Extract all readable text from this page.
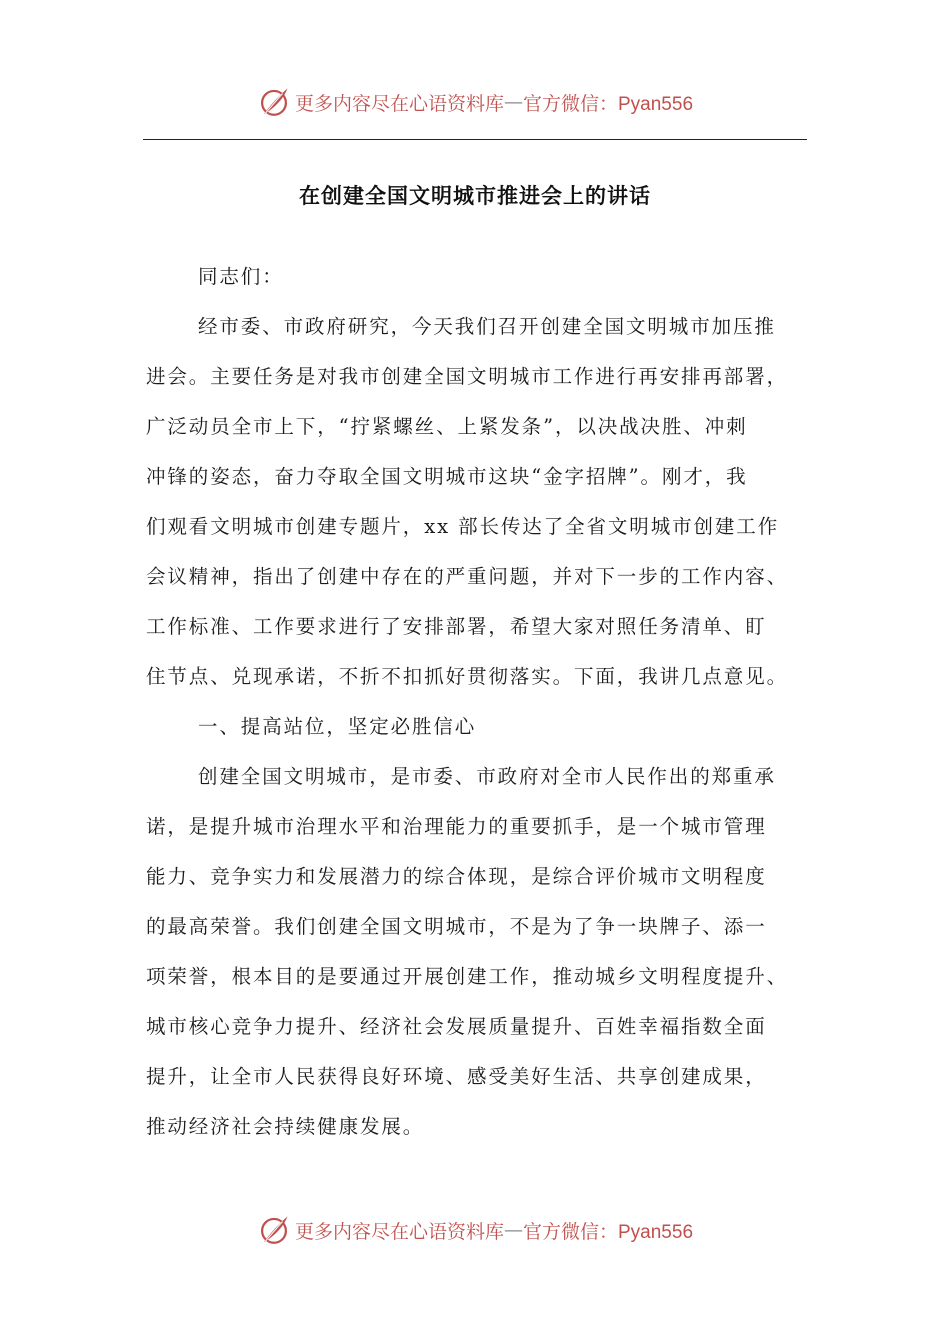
更多内容尽在心语资料库 — 官方微信：Pyan556
在创建全国文明城市推进会上的讲话
同志们：
经市委、市政府研究，今天我们召开创建全国文明城市加压推
进会。主要任务是对我市创建全国文明城市工作进行再安排再部署，
广泛动员全市上下，“拧紧螺丝、上紧发条”，以决战决胜、冲刺
冲锋的姿态，奋力夺取全国文明城市这块“金字招牌”。刚才，我
们观看文明城市创建专题片，xx 部长传达了全省文明城市创建工作
会议精神，指出了创建中存在的严重问题，并对下一步的工作内容、
工作标准、工作要求进行了安排部署，希望大家对照任务清单、盯
住节点、兑现承诺，不折不扣抓好贯彻落实。下面，我讲几点意见。
一、提高站位，坚定必胜信心
创建全国文明城市，是市委、市政府对全市人民作出的郑重承
诺，是提升城市治理水平和治理能力的重要抓手，是一个城市管理
能力、竞争实力和发展潜力的综合体现，是综合评价城市文明程度
的最高荣誉。我们创建全国文明城市，不是为了争一块牌子、添一
项荣誉，根本目的是要通过开展创建工作，推动城乡文明程度提升、
城市核心竞争力提升、经济社会发展质量提升、百姓幸福指数全面
提升，让全市人民获得良好环境、感受美好生活、共享创建成果，
推动经济社会持续健康发展。
更多内容尽在心语资料库 — 官方微信：Pyan556
